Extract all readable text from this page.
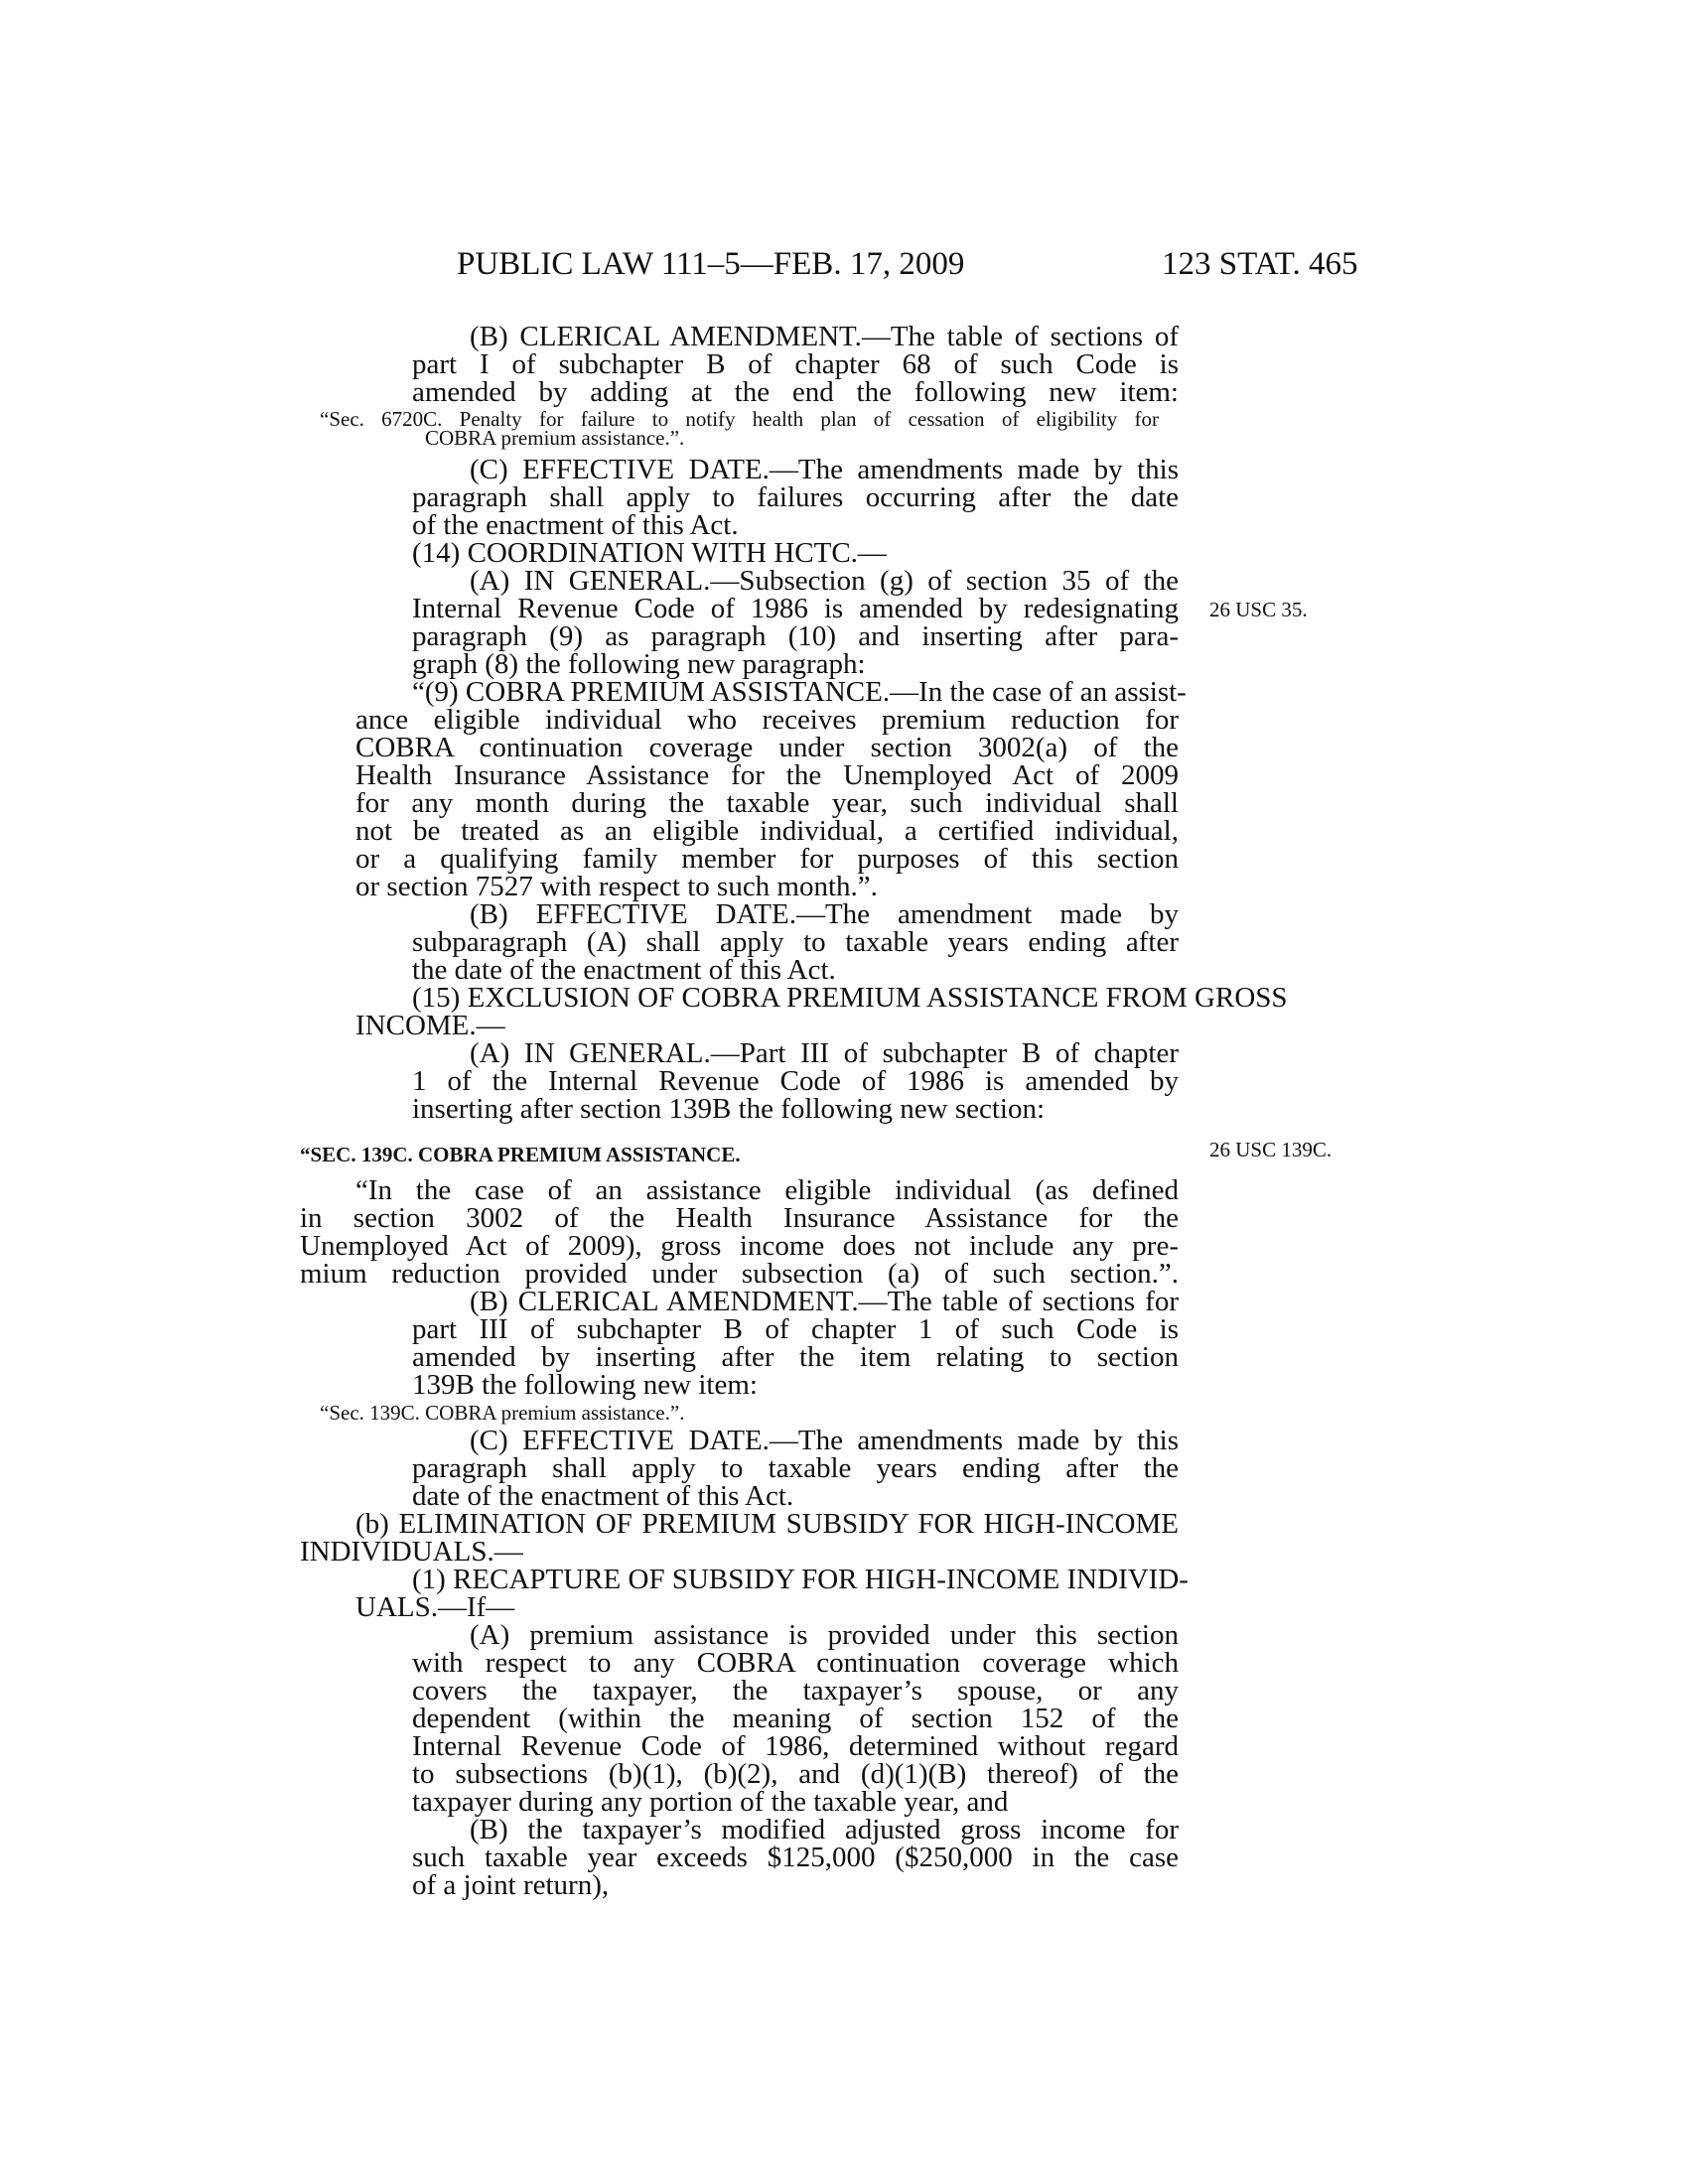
PUBLIC LAW 111–5—FEB. 17, 2009	123 STAT. 465
(B) CLERICAL AMENDMENT.—The table of sections of
part I of subchapter B of chapter 68 of such Code is
amended by adding at the end the following new item:
“Sec. 6720C. Penalty for failure to notify health plan of cessation of eligibility for
COBRA premium assistance.”.
(C) EFFECTIVE DATE.—The amendments made by this
paragraph shall apply to failures occurring after the date
of the enactment of this Act.
(14) COORDINATION WITH HCTC.—
(A) IN GENERAL.—Subsection (g) of section 35 of the
Internal Revenue Code of 1986 is amended by redesignating
paragraph (9) as paragraph (10) and inserting after para-
graph (8) the following new paragraph:
26 USC 35.
“(9) COBRA PREMIUM ASSISTANCE.—In the case of an assist-
ance eligible individual who receives premium reduction for
COBRA continuation coverage under section 3002(a) of the
Health Insurance Assistance for the Unemployed Act of 2009
for any month during the taxable year, such individual shall
not be treated as an eligible individual, a certified individual,
or a qualifying family member for purposes of this section
or section 7527 with respect to such month.”.
(B) EFFECTIVE DATE.—The amendment made by
subparagraph (A) shall apply to taxable years ending after
the date of the enactment of this Act.
(15) EXCLUSION OF COBRA PREMIUM ASSISTANCE FROM GROSS
INCOME.—
(A) IN GENERAL.—Part III of subchapter B of chapter
1 of the Internal Revenue Code of 1986 is amended by
inserting after section 139B the following new section:
“SEC. 139C. COBRA PREMIUM ASSISTANCE.	26 USC 139C.
“In the case of an assistance eligible individual (as defined
in section 3002 of the Health Insurance Assistance for the
Unemployed Act of 2009), gross income does not include any pre-
mium reduction provided under subsection (a) of such section.”.
(B) CLERICAL AMENDMENT.—The table of sections for
part III of subchapter B of chapter 1 of such Code is
amended by inserting after the item relating to section
139B the following new item:
“Sec. 139C. COBRA premium assistance.”.
(C) EFFECTIVE DATE.—The amendments made by this
paragraph shall apply to taxable years ending after the
date of the enactment of this Act.
(b) ELIMINATION OF PREMIUM SUBSIDY FOR HIGH-INCOME
INDIVIDUALS.—
(1) RECAPTURE OF SUBSIDY FOR HIGH-INCOME INDIVID-
UALS.—If—
(A) premium assistance is provided under this section
with respect to any COBRA continuation coverage which
covers the taxpayer, the taxpayer’s spouse, or any
dependent (within the meaning of section 152 of the
Internal Revenue Code of 1986, determined without regard
to subsections (b)(1), (b)(2), and (d)(1)(B) thereof) of the
taxpayer during any portion of the taxable year, and
(B) the taxpayer’s modified adjusted gross income for
such taxable year exceeds $125,000 ($250,000 in the case
of a joint return),
